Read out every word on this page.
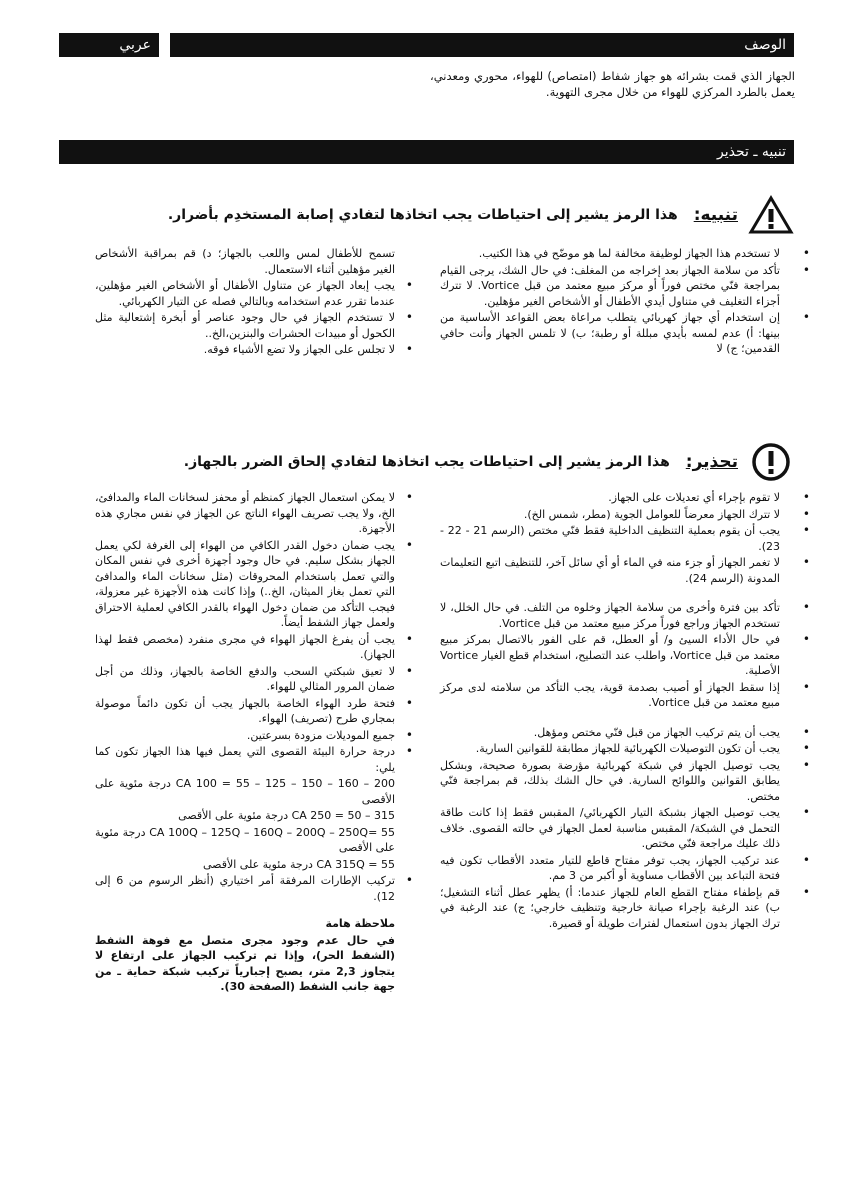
عربي	الوصف
الجهاز الذي قمت بشرائه هو جهاز شفاط (امتصاص) للهواء، محوري ومعدني، يعمل بالطرد المركزي للهواء من خلال مجرى التهوية.
تنبيه ـ تحذير
تنبيه:
هذا الرمز يشير إلى احتياطات يجب اتخاذها لتفادي إصابة المستخدِم بأضرار.
• لا تستخدم هذا الجهاز لوظيفة مخالفة لما هو موضّح في هذا الكتيب.
• تأكد من سلامة الجهاز بعد إخراجه من المغلف: في حال الشك، يرجى القيام بمراجعة فنّي مختص فوراً أو مركز مبيع معتمد من قبل Vortice. لا تترك أجزاء التغليف في متناول أيدي الأطفال أو الأشخاص الغير مؤهلين.
• إن استخدام أي جهاز كهربائي يتطلب مراعاة بعض القواعد الأساسية من بينها: أ) عدم لمسه بأيدي مبللة أو رطبة؛ ب) لا تلمس الجهاز وأنت حافي القدمين؛ ج) لا
تسمح للأطفال لمس واللعب بالجهاز؛ د) قم بمراقبة الأشخاص الغير مؤهلين أثناء الاستعمال.
• يجب إبعاد الجهاز عن متناول الأطفال أو الأشخاص الغير مؤهلين، عندما تقرر عدم استخدامه وبالتالي فصله عن التيار الكهربائي.
• لا تستخدم الجهاز في حال وجود عناصر أو أبخرة إشتعالية مثل الكحول أو مبيدات الحشرات والبنزين،الخ..
• لا تجلس على الجهاز ولا تضع الأشياء فوقه.
تحذير:
هذا الرمز يشير إلى احتياطات يجب اتخاذها لتفادي إلحاق الضرر بالجهاز.
• لا تقوم بإجراء أي تعديلات على الجهاز.
• لا تترك الجهاز معرضاً للعوامل الجوية (مطر، شمس الخ).
• يجب أن يقوم بعملية التنظيف الداخلية فقط فنّي مختص (الرسم 21 - 22 - 23).
• لا تغمر الجهاز أو جزء منه في الماء أو أي سائل آخر، للتنظيف اتبع التعليمات المدونة (الرسم 24).
• تأكد بين فترة وأخرى من سلامة الجهاز وخلوه من التلف. في حال الخلل، لا تستخدم الجهاز وراجع فوراً مركز مبيع معتمد من قبل Vortice.
• في حال الأداء السيئ و/ أو العطل، قم على الفور بالاتصال بمركز مبيع معتمد من قبل Vortice، واطلب عند التصليح، استخدام قطع الغيار Vortice الأصلية.
• إذا سقط الجهاز أو أصيب بصدمة قوية، يجب التأكد من سلامته لدى مركز مبيع معتمد من قبل Vortice.
• يجب أن يتم تركيب الجهاز من قبل فنّي مختص ومؤهل.
• يجب أن تكون التوصيلات الكهربائية للجهاز مطابقة للقوانين السارية.
• يجب توصيل الجهاز في شبكة كهربائية مؤرضة بصورة صحيحة، وبشكل يطابق القوانين واللوائح السارية. في حال الشك بذلك، قم بمراجعة فنّي مختص.
• يجب توصيل الجهاز بشبكة التيار الكهربائي/ المقبس فقط إذا كانت طاقة التحمل في الشبكة/ المقبس مناسبة لعمل الجهاز في حالته القصوى. خلاف ذلك عليك مراجعة فنّي مختص.
• عند تركيب الجهاز، يجب توفر مفتاح قاطع للتيار متعدد الأقطاب تكون فيه فتحة التباعد بين الأقطاب مساوية أو أكبر من 3 مم.
• قم بإطفاء مفتاح القطع العام للجهاز عندما: أ) يظهر عطل أثناء التشغيل؛ ب) عند الرغبة بإجراء صيانة خارجية وتنظيف خارجي؛ ج) عند الرغبة في ترك الجهاز بدون استعمال لفترات طويلة أو قصيرة.
• لا يمكن استعمال الجهاز كمنظم أو محفز لسخانات الماء والمدافئ، الخ، ولا يجب تصريف الهواء الناتج عن الجهاز في نفس مجاري هذه الأجهزة.
• يجب ضمان دخول القدر الكافي من الهواء إلى الغرفة لكي يعمل الجهاز بشكل سليم. في حال وجود أجهزة أخرى في نفس المكان والتي تعمل باستخدام المحروقات (مثل سخانات الماء والمدافئ التي تعمل بغاز الميثان، الخ..) وإذا كانت هذه الأجهزة غير معزولة، فيجب التأكد من ضمان دخول الهواء بالقدر الكافي لعملية الاحتراق ولعمل جهاز الشفط أيضاً.
• يجب أن يفرغ الجهاز الهواء في مجرى منفرد (مخصص فقط لهذا الجهاز).
• لا تعيق شبكتي السحب والدفع الخاصة بالجهاز، وذلك من أجل ضمان المرور المثالي للهواء.
• فتحة طرد الهواء الخاصة بالجهاز يجب أن تكون دائماً موصولة بمجاري طرح (تصريف) الهواء.
• جميع الموديلات مزودة بسرعتين.
• درجة حرارة البيئة القصوى التي يعمل فيها هذا الجهاز تكون كما يلي:
200 – 160 – 150 – 125 – CA 100 = 55 درجة مئوية على الأقصى
315 – CA 250 = 50 درجة مئوية على الأقصى
CA 100Q – 125Q – 160Q – 200Q – 250Q= 55 درجة مئوية على الأقصى
CA 315Q = 55 درجة مئوية على الأقصى
• تركيب الإطارات المرفقة أمر اختياري (أنظر الرسوم من 6 إلى 12).
ملاحظة هامة
في حال عدم وجود مجرى متصل مع فوهة الشفط (الشفط الحر)، وإذا تم تركيب الجهاز على ارتفاع لا يتجاوز 2,3 متر، يصبح إجبارياً تركيب شبكة حماية ـ من جهة جانب الشفط (الصفحة 30).
